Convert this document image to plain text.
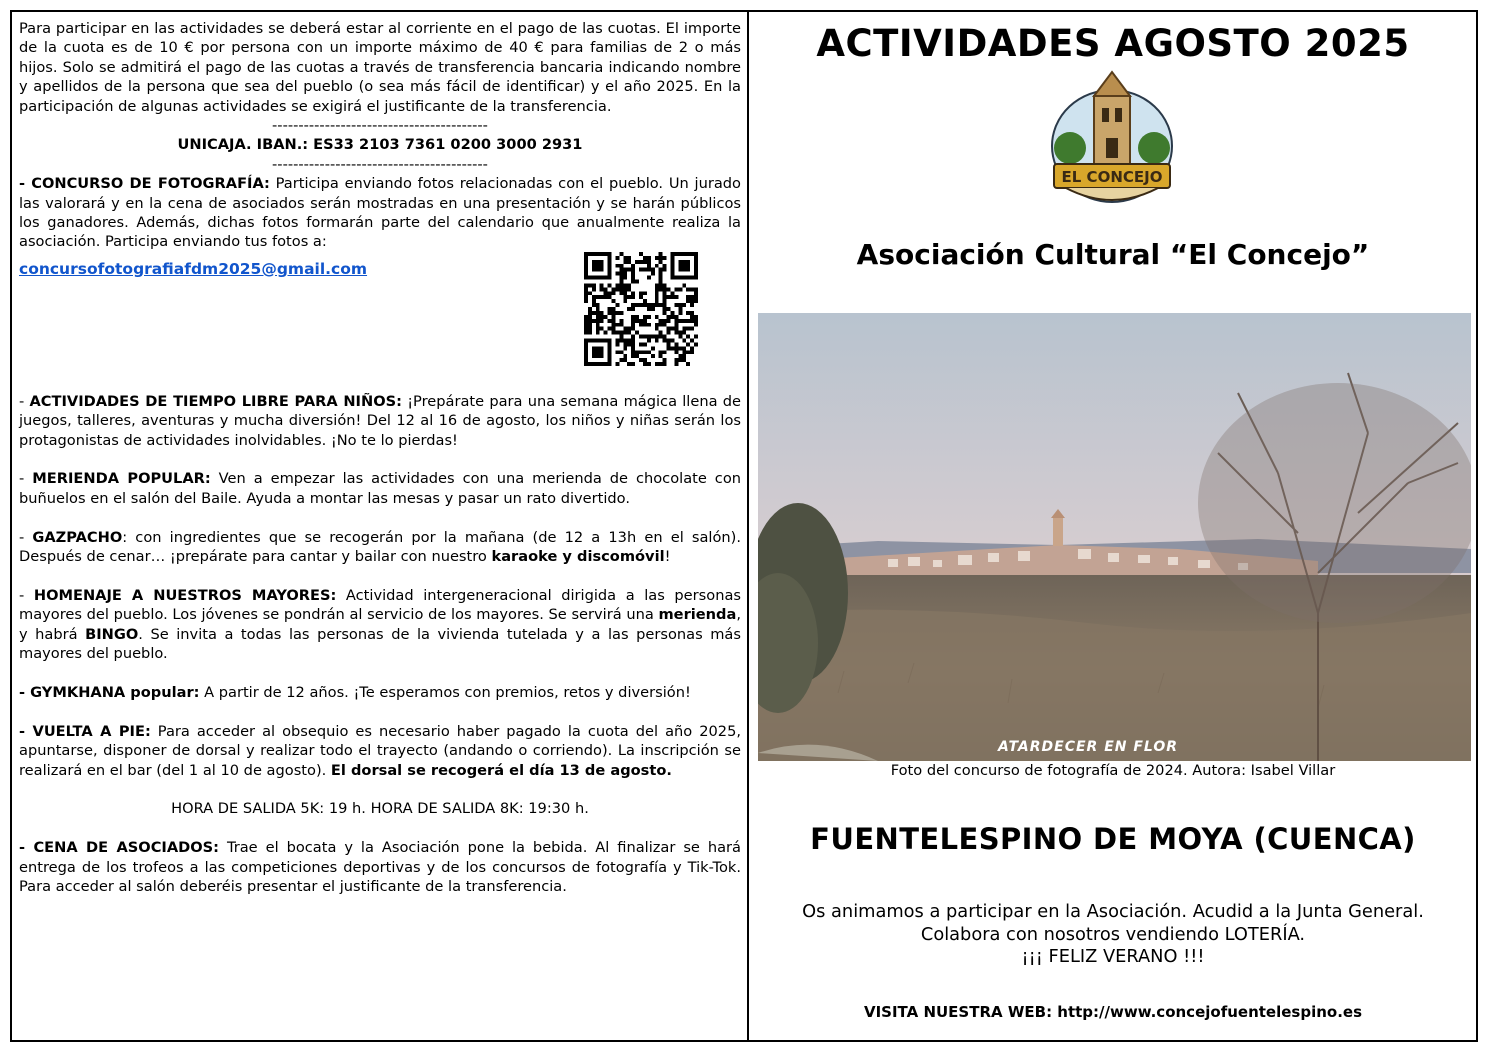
Para participar en las actividades se deberá estar al corriente en el pago de las cuotas. El importe de la cuota es de 10 € por persona con un importe máximo de 40 € para familias de 2 o más hijos. Solo se admitirá el pago de las cuotas a través de transferencia bancaria indicando nombre y apellidos de la persona que sea del pueblo (o sea más fácil de identificar) y el año 2025. En la participación de algunas actividades se exigirá el justificante de la transferencia.

-----------------------------------------

UNICAJA. IBAN.: ES33 2103 7361 0200 3000 2931

-----------------------------------------

- CONCURSO DE FOTOGRAFÍA: Participa enviando fotos relacionadas con el pueblo. Un jurado las valorará y en la cena de asociados serán mostradas en una presentación y se harán públicos los ganadores. Además, dichas fotos formarán parte del calendario que anualmente realiza la asociación. Participa enviando tus fotos a:

concursofotografiafdm2025@gmail.com

- ACTIVIDADES DE TIEMPO LIBRE PARA NIÑOS: ¡Prepárate para una semana mágica llena de juegos, talleres, aventuras y mucha diversión! Del 12 al 16 de agosto, los niños y niñas serán los protagonistas de actividades inolvidables. ¡No te lo pierdas!

- MERIENDA POPULAR: Ven a empezar las actividades con una merienda de chocolate con buñuelos en el salón del Baile. Ayuda a montar las mesas y pasar un rato divertido.

- GAZPACHO: con ingredientes que se recogerán por la mañana (de 12 a 13h en el salón). Después de cenar… ¡prepárate para cantar y bailar con nuestro karaoke y discomóvil!

- HOMENAJE A NUESTROS MAYORES: Actividad intergeneracional dirigida a las personas mayores del pueblo. Los jóvenes se pondrán al servicio de los mayores. Se servirá una merienda, y habrá BINGO. Se invita a todas las personas de la vivienda tutelada y a las personas más mayores del pueblo.

- GYMKHANA popular: A partir de 12 años. ¡Te esperamos con premios, retos y diversión!

- VUELTA A PIE: Para acceder al obsequio es necesario haber pagado la cuota del año 2025, apuntarse, disponer de dorsal y realizar todo el trayecto (andando o corriendo). La inscripción se realizará en el bar (del 1 al 10 de agosto). El dorsal se recogerá el día 13 de agosto.

HORA DE SALIDA 5K: 19 h. HORA DE SALIDA 8K: 19:30 h.

- CENA DE ASOCIADOS: Trae el bocata y la Asociación pone la bebida. Al finalizar se hará entrega de los trofeos a las competiciones deportivas y de los concursos de fotografía y Tik-Tok. Para acceder al salón deberéis presentar el justificante de la transferencia.

ACTIVIDADES AGOSTO 2025
EL CONCEJO
Asociación Cultural “El Concejo”
ATARDECER EN FLOR
Foto del concurso de fotografía de 2024. Autora: Isabel Villar
FUENTELESPINO DE MOYA (CUENCA)
Os animamos a participar en la Asociación. Acudid a la Junta General.
Colabora con nosotros vendiendo LOTERÍA.
¡¡¡ FELIZ VERANO !!!
VISITA NUESTRA WEB: http://www.concejofuentelespino.es
